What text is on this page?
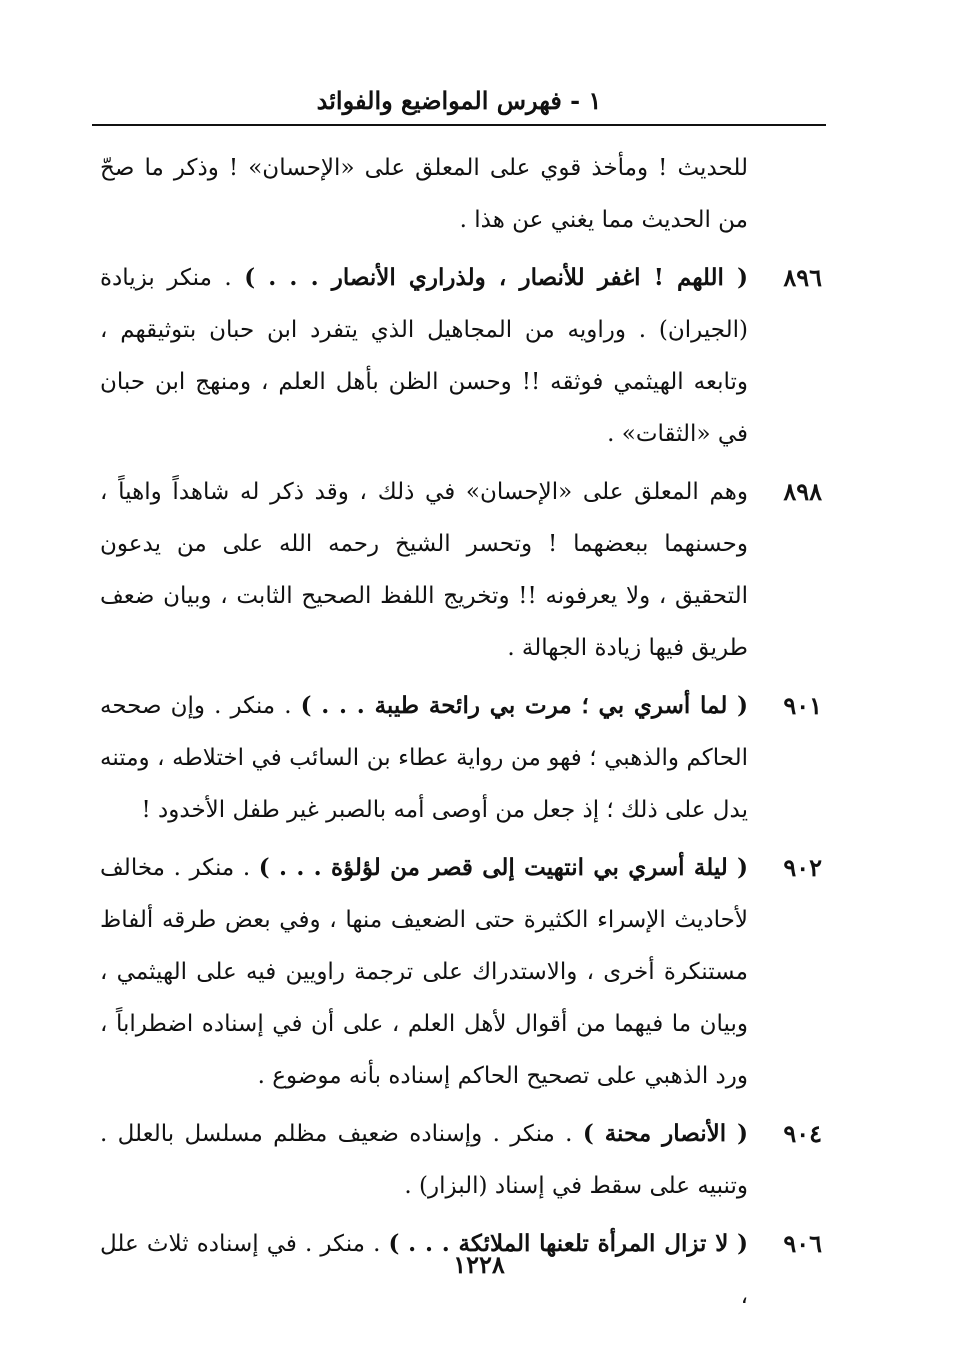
١ - فهرس المواضيع والفوائد
للحديث ! ومأخذ قوي على المعلق على «الإحسان» ! وذكر ما صحّ من الحديث مما يغني عن هذا .
٨٩٦
( اللهم ! اغفر للأنصار ، ولذراري الأنصار . . . ) . منكر بزيادة (الجيران) . وراويه من المجاهيل الذي يتفرد ابن حبان بتوثيقهم ، وتابعه الهيثمي فوثقه !! وحسن الظن بأهل العلم ، ومنهج ابن حبان في «الثقات» .
٨٩٨
وهم المعلق على «الإحسان» في ذلك ، وقد ذكر له شاهداً واهياً ، وحسنهما ببعضهما ! وتحسر الشيخ رحمه الله على من يدعون التحقيق ، ولا يعرفونه !! وتخريج اللفظ الصحيح الثابت ، وبيان ضعف طريق فيها زيادة الجهالة .
٩٠١
( لما أسري بي ؛ مرت بي رائحة طيبة . . . ) . منكر . وإن صححه الحاكم والذهبي ؛ فهو من رواية عطاء بن السائب في اختلاطه ، ومتنه يدل على ذلك ؛ إذ جعل من أوصى أمه بالصبر غير طفل الأخدود !
٩٠٢
( ليلة أسري بي انتهيت إلى قصر من لؤلؤة . . . ) . منكر . مخالف لأحاديث الإسراء الكثيرة حتى الضعيف منها ، وفي بعض طرقه ألفاظ مستنكرة أخرى ، والاستدراك على ترجمة راويين فيه على الهيثمي ، وبيان ما فيهما من أقوال لأهل العلم ، على أن في إسناده اضطراباً ، ورد الذهبي على تصحيح الحاكم إسناده بأنه موضوع .
٩٠٤
( الأنصار محنة ) . منكر . وإسناده ضعيف مظلم مسلسل بالعلل . وتنبيه على سقط في إسناد (البزار) .
٩٠٦
( لا تزال المرأة تلعنها الملائكة . . . ) . منكر . في إسناده ثلاث علل ،
١٢٢٨
